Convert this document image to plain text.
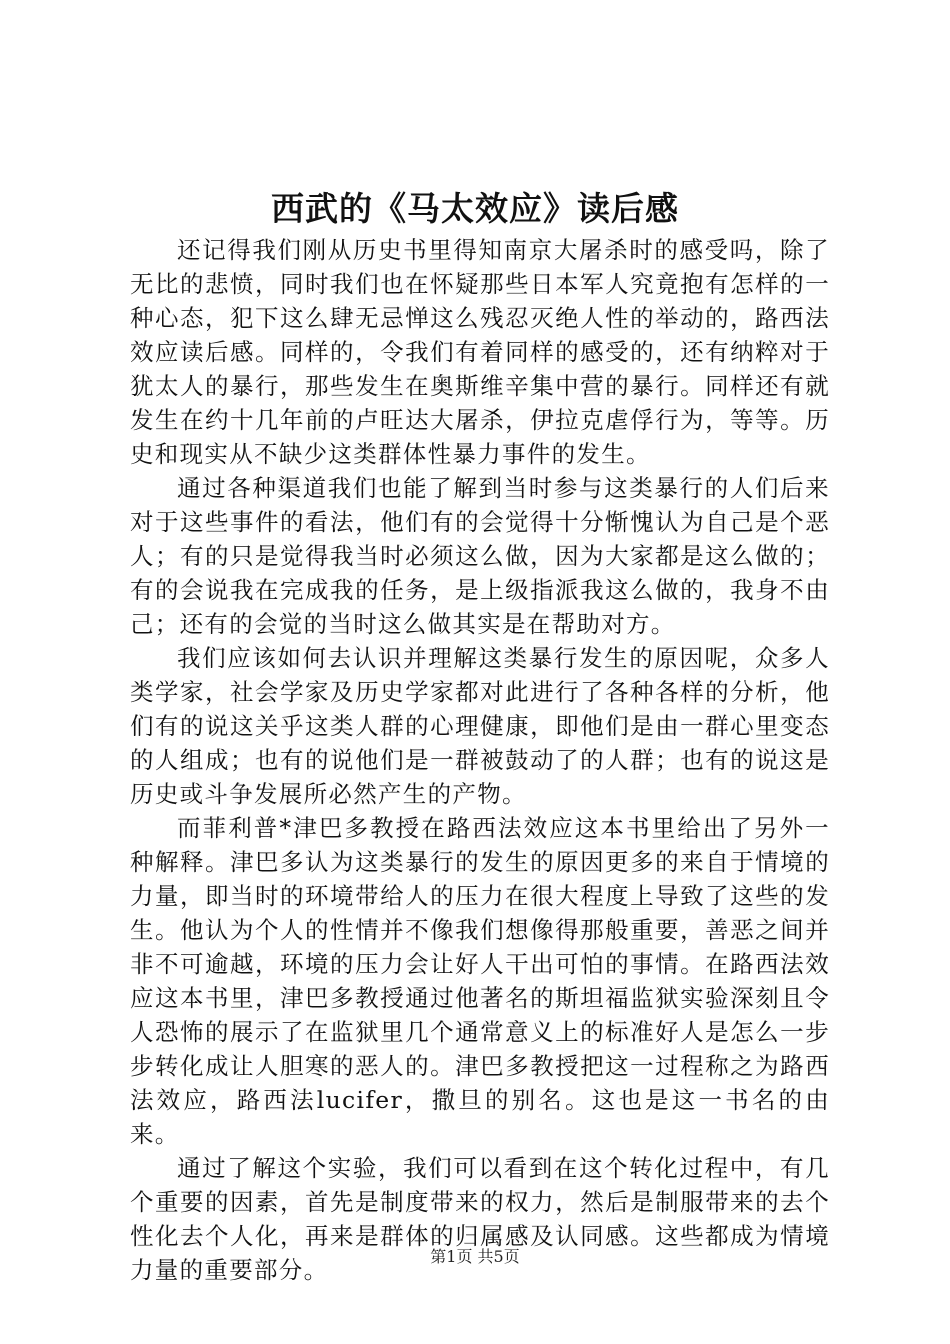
西武的《马太效应》读后感

还记得我们刚从历史书里得知南京大屠杀时的感受吗，除了无比的悲愤，同时我们也在怀疑那些日本军人究竟抱有怎样的一种心态，犯下这么肆无忌惮这么残忍灭绝人性的举动的，路西法效应读后感。同样的，令我们有着同样的感受的，还有纳粹对于犹太人的暴行，那些发生在奥斯维辛集中营的暴行。同样还有就发生在约十几年前的卢旺达大屠杀，伊拉克虐俘行为，等等。历史和现实从不缺少这类群体性暴力事件的发生。

通过各种渠道我们也能了解到当时参与这类暴行的人们后来对于这些事件的看法，他们有的会觉得十分惭愧认为自己是个恶人；有的只是觉得我当时必须这么做，因为大家都是这么做的；有的会说我在完成我的任务，是上级指派我这么做的，我身不由己；还有的会觉的当时这么做其实是在帮助对方。

我们应该如何去认识并理解这类暴行发生的原因呢，众多人类学家，社会学家及历史学家都对此进行了各种各样的分析，他们有的说这关乎这类人群的心理健康，即他们是由一群心里变态的人组成；也有的说他们是一群被鼓动了的人群；也有的说这是历史或斗争发展所必然产生的产物。

而菲利普*津巴多教授在路西法效应这本书里给出了另外一种解释。津巴多认为这类暴行的发生的原因更多的来自于情境的力量，即当时的环境带给人的压力在很大程度上导致了这些的发生。他认为个人的性情并不像我们想像得那般重要，善恶之间并非不可逾越，环境的压力会让好人干出可怕的事情。在路西法效应这本书里，津巴多教授通过他著名的斯坦福监狱实验深刻且令人恐怖的展示了在监狱里几个通常意义上的标准好人是怎么一步步转化成让人胆寒的恶人的。津巴多教授把这一过程称之为路西法效应，路西法lucifer，撒旦的别名。这也是这一书名的由来。

通过了解这个实验，我们可以看到在这个转化过程中，有几个重要的因素，首先是制度带来的权力，然后是制服带来的去个性化去个人化，再来是群体的归属感及认同感。这些都成为情境力量的重要部分。	第1页 共5页
